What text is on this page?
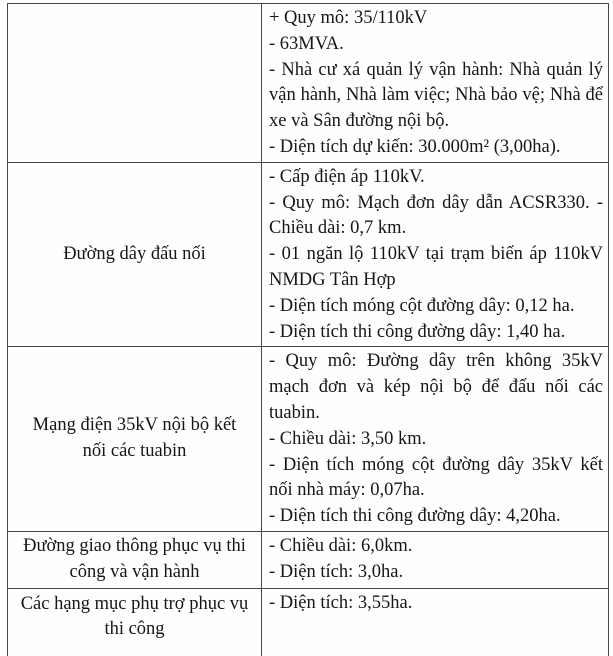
	+ Quy mô: 35/110kV

- 63MVA.

- Nhà cư xá quản lý vận hành: Nhà quản lý vận hành, Nhà làm việc; Nhà bảo vệ; Nhà để xe và Sân đường nội bộ.

- Diện tích dự kiến: 30.000m² (3,00ha).

Đường dây đấu nối	- Cấp điện áp 110kV.

- Quy mô: Mạch đơn dây dẫn ACSR330. - Chiều dài: 0,7 km.

- 01 ngăn lộ 110kV tại trạm biến áp 110kV NMDG Tân Hợp

- Diện tích móng cột đường dây: 0,12 ha.

- Diện tích thi công đường dây: 1,40 ha.

Mạng điện 35kV nội bộ kết nối các tuabin	- Quy mô: Đường dây trên không 35kV mạch đơn và kép nội bộ để đấu nối các tuabin.

- Chiều dài: 3,50 km.

- Diện tích móng cột đường dây 35kV kết nối nhà máy: 0,07ha.

- Diện tích thi công đường dây: 4,20ha.

Đường giao thông phục vụ thi công và vận hành	- Chiều dài: 6,0km.

- Diện tích: 3,0ha.

Các hạng mục phụ trợ phục vụ thi công	- Diện tích: 3,55ha.
